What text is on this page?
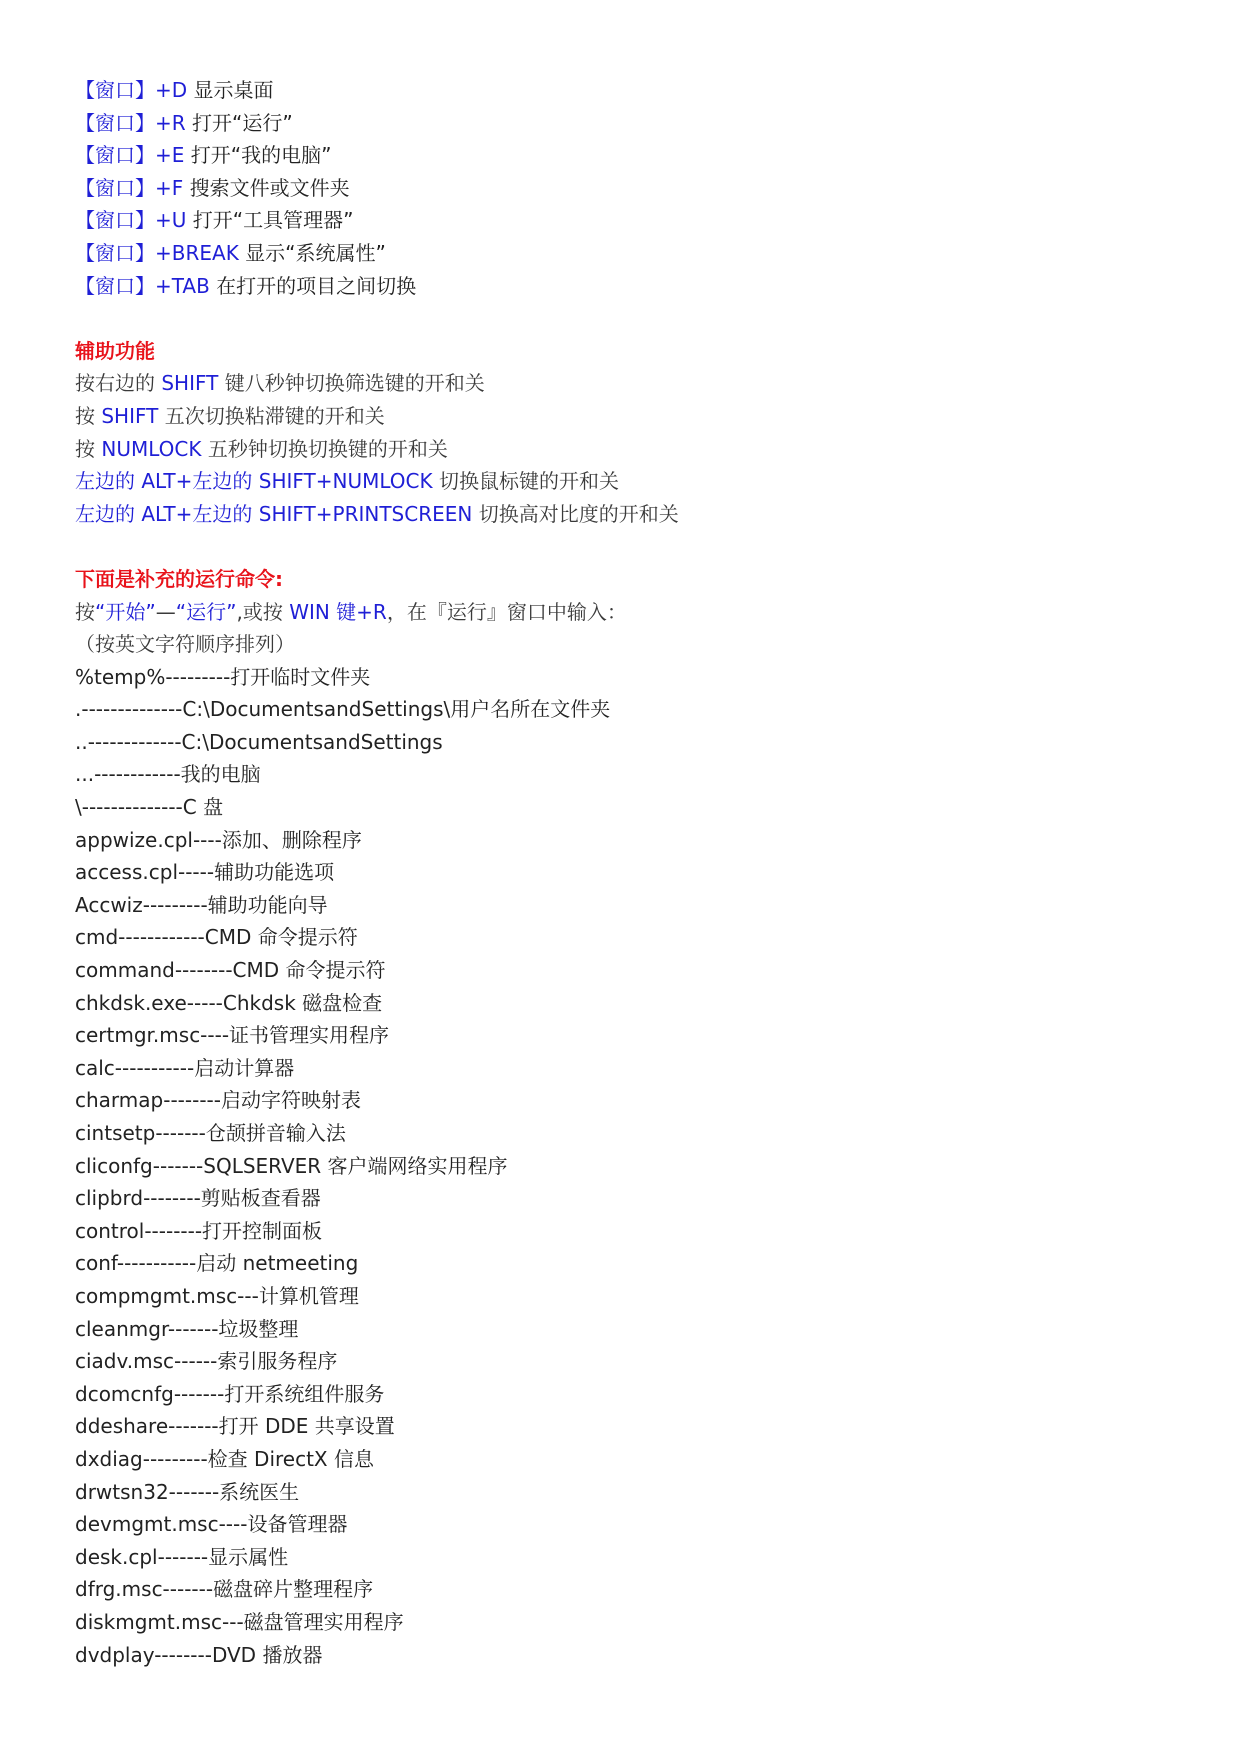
【窗口】+D 显示桌面
【窗口】+R 打开“运行”
【窗口】+E 打开“我的电脑”
【窗口】+F 搜索文件或文件夹
【窗口】+U 打开“工具管理器”
【窗口】+BREAK 显示“系统属性”
【窗口】+TAB 在打开的项目之间切换
辅助功能
按右边的 SHIFT 键八秒钟切换筛选键的开和关
按 SHIFT 五次切换粘滞键的开和关
按 NUMLOCK 五秒钟切换切换键的开和关
左边的 ALT+左边的 SHIFT+NUMLOCK 切换鼠标键的开和关
左边的 ALT+左边的 SHIFT+PRINTSCREEN 切换高对比度的开和关
下面是补充的运行命令:
按“开始”—“运行”,或按 WIN 键+R，在『运行』窗口中输入：
（按英文字符顺序排列）
%temp%---------打开临时文件夹
.--------------C:\DocumentsandSettings\用户名所在文件夹
..-------------C:\DocumentsandSettings
...------------我的电脑
\--------------C 盘
appwize.cpl----添加、删除程序
access.cpl-----辅助功能选项
Accwiz---------辅助功能向导
cmd------------CMD 命令提示符
command--------CMD 命令提示符
chkdsk.exe-----Chkdsk 磁盘检查
certmgr.msc----证书管理实用程序
calc-----------启动计算器
charmap--------启动字符映射表
cintsetp-------仓颉拼音输入法
cliconfg-------SQLSERVER 客户端网络实用程序
clipbrd--------剪贴板查看器
control--------打开控制面板
conf-----------启动 netmeeting
compmgmt.msc---计算机管理
cleanmgr-------垃圾整理
ciadv.msc------索引服务程序
dcomcnfg-------打开系统组件服务
ddeshare-------打开 DDE 共享设置
dxdiag---------检查 DirectX 信息
drwtsn32-------系统医生
devmgmt.msc----设备管理器
desk.cpl-------显示属性
dfrg.msc-------磁盘碎片整理程序
diskmgmt.msc---磁盘管理实用程序
dvdplay--------DVD 播放器
